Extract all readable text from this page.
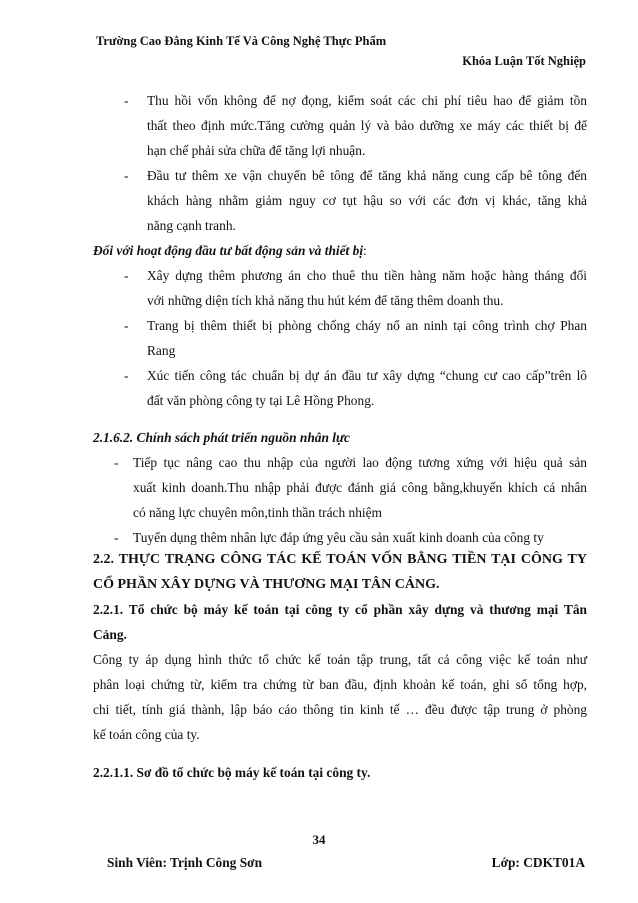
Trường Cao Đẳng Kinh Tế Và Công Nghệ Thực Phẩm
Khóa Luận Tốt Nghiệp
- Thu hồi vốn không để nợ đọng, kiểm soát các chi phí tiêu hao để giảm tồn
thất theo định mức.Tăng cường quản lý và bảo dưỡng xe máy các thiết bị để
hạn chế phải sửa chữa để tăng lợi nhuận.
- Đầu tư thêm xe vận chuyển bê tông để tăng khả năng cung cấp bê tông đến
khách hàng nhằm giảm nguy cơ tụt hậu so với các đơn vị khác, tăng khả
năng cạnh tranh.
Đối với hoạt động đầu tư bất động sản và thiết bị:
- Xây dựng thêm phương án cho thuê thu tiền hàng năm hoặc hàng tháng đối
với những diện tích khả năng thu hút kém để tăng thêm doanh thu.
- Trang bị thêm thiết bị phòng chống cháy nổ an ninh tại công trình chợ Phan
Rang
- Xúc tiến công tác chuẩn bị dự án đầu tư xây dựng “chung cư cao cấp”trên lô
đất văn phòng công ty tại Lê Hồng Phong.
2.1.6.2. Chính sách phát triển nguồn nhân lực
- Tiếp tục nâng cao thu nhập của người lao động tương xứng với hiệu quả sản
xuất kinh doanh.Thu nhập phải được đánh giá công bằng,khuyến khích cá nhân
có năng lực chuyên môn,tinh thần trách nhiệm
- Tuyển dụng thêm nhân lực đáp ứng yêu cầu sản xuất kinh doanh của công ty
2.2. THỰC TRẠNG CÔNG TÁC KẾ TOÁN VỐN BẰNG TIỀN TẠI CÔNG TY
CỔ PHẦN XÂY DỰNG VÀ THƯƠNG MẠI TÂN CẢNG.
2.2.1. Tổ chức bộ máy kế toán tại công ty cổ phần xây dựng và thương mại Tân
Cảng.
Công ty áp dụng hình thức tổ chức kế toán tập trung, tất cả công việc kế toán như
phân loại chứng từ, kiểm tra chứng từ ban đầu, định khoản kế toán, ghi sổ tổng hợp,
chi tiết, tính giá thành, lập báo cáo thông tin kinh tế … đều được tập trung ở phòng
kế toán công của ty.
2.2.1.1. Sơ đồ tổ chức bộ máy kế toán tại công ty.
34
Sinh Viên: Trịnh Công Sơn	Lớp: CDKT01A
